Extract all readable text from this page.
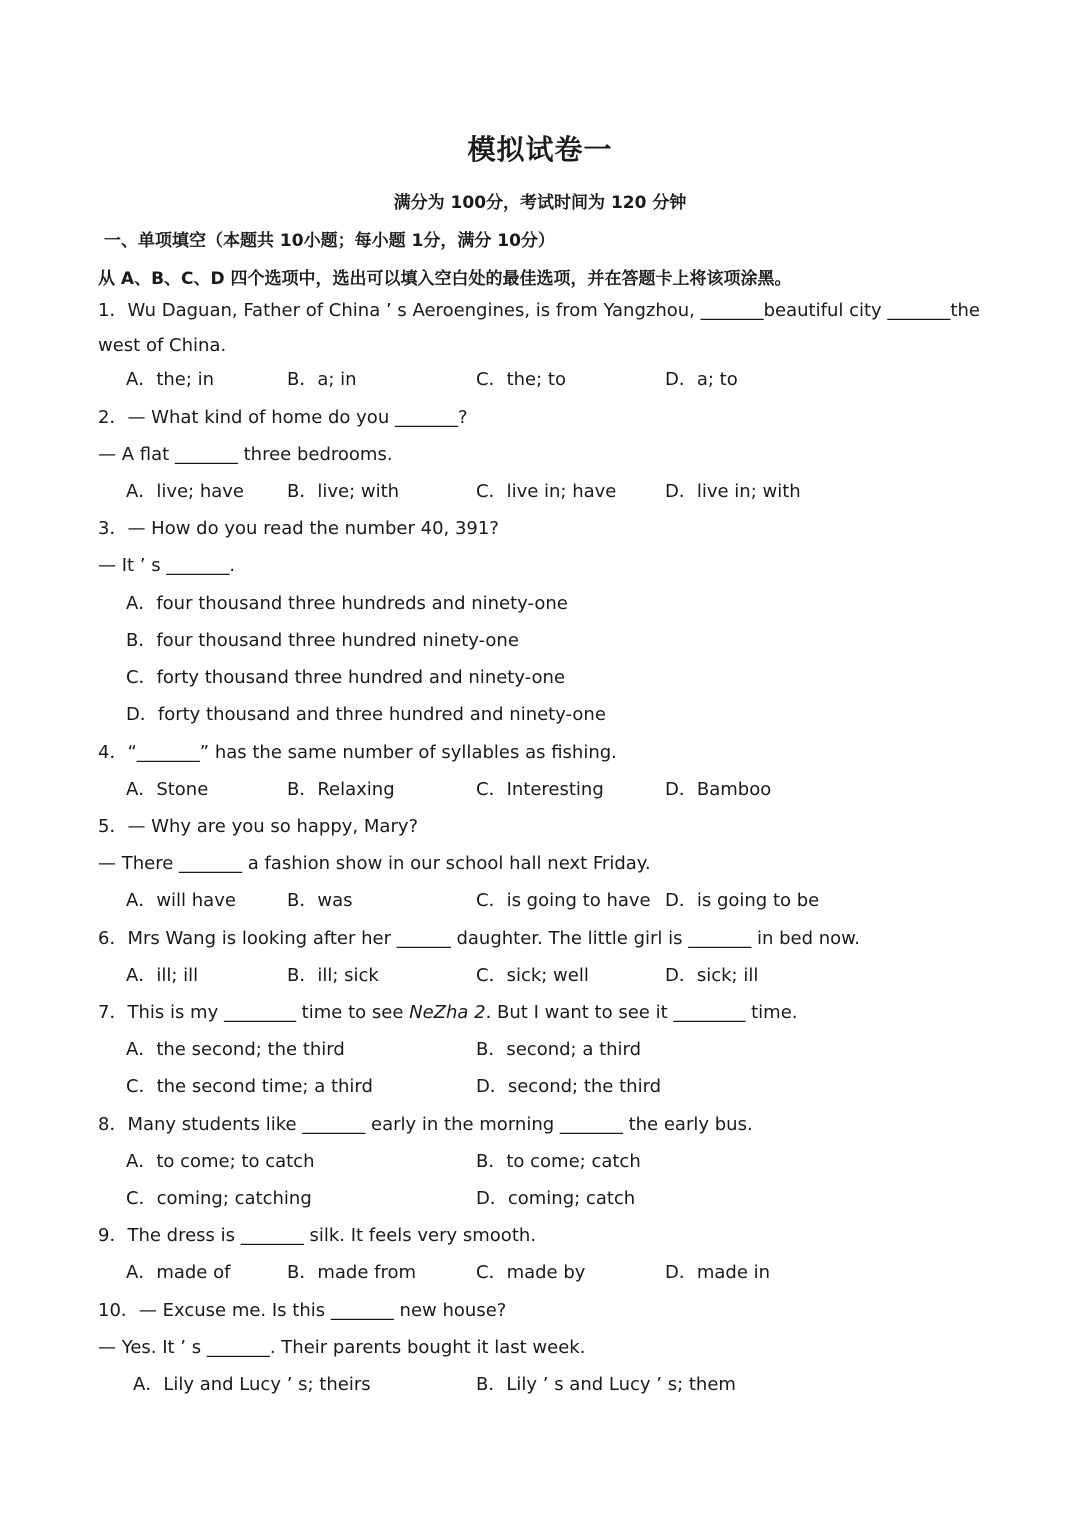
模拟试卷一
满分为 100分，考试时间为 120 分钟
一、单项填空（本题共 10小题；每小题 1分，满分 10分）
从 A、B、C、D 四个选项中，选出可以填入空白处的最佳选项，并在答题卡上将该项涂黑。
1．Wu Daguan, Father of China ’ s Aeroengines, is from Yangzhou, _______beautiful city _______the
west of China.
A．the; in	B．a; in	C．the; to	D．a; to
2．— What kind of home do you _______?
— A flat _______ three bedrooms.
A．live; have B．live; with	C．live in; have	D．live in; with
3．— How do you read the number 40, 391?
— It ’ s _______.
A．four thousand three hundreds and ninety-one
B．four thousand three hundred ninety-one
C．forty thousand three hundred and ninety-one
D．forty thousand and three hundred and ninety-one
4．“_______” has the same number of syllables as fishing.
A．Stone	B．Relaxing	C．Interesting	D．Bamboo
5．— Why are you so happy, Mary?
— There _______ a fashion show in our school hall next Friday.
A．will have	B．was	C．is going to have D．is going to be
6．Mrs Wang is looking after her ______ daughter. The little girl is _______ in bed now.
A．ill; ill	B．ill; sick	C．sick; well	D．sick; ill
7．This is my ________ time to see NeZha 2. But I want to see it ________ time.
A．the second; the third	B．second; a third
C．the second time; a third	D．second; the third
8．Many students like _______ early in the morning _______ the early bus.
A．to come; to catch	B．to come; catch
C．coming; catching	D．coming; catch
9．The dress is _______ silk. It feels very smooth.
A．made of	B．made from	C．made by	D．made in
10．— Excuse me. Is this _______ new house?
— Yes. It ’ s _______. Their parents bought it last week.
A．Lily and Lucy ’ s; theirs	B．Lily ’ s and Lucy ’ s; them
